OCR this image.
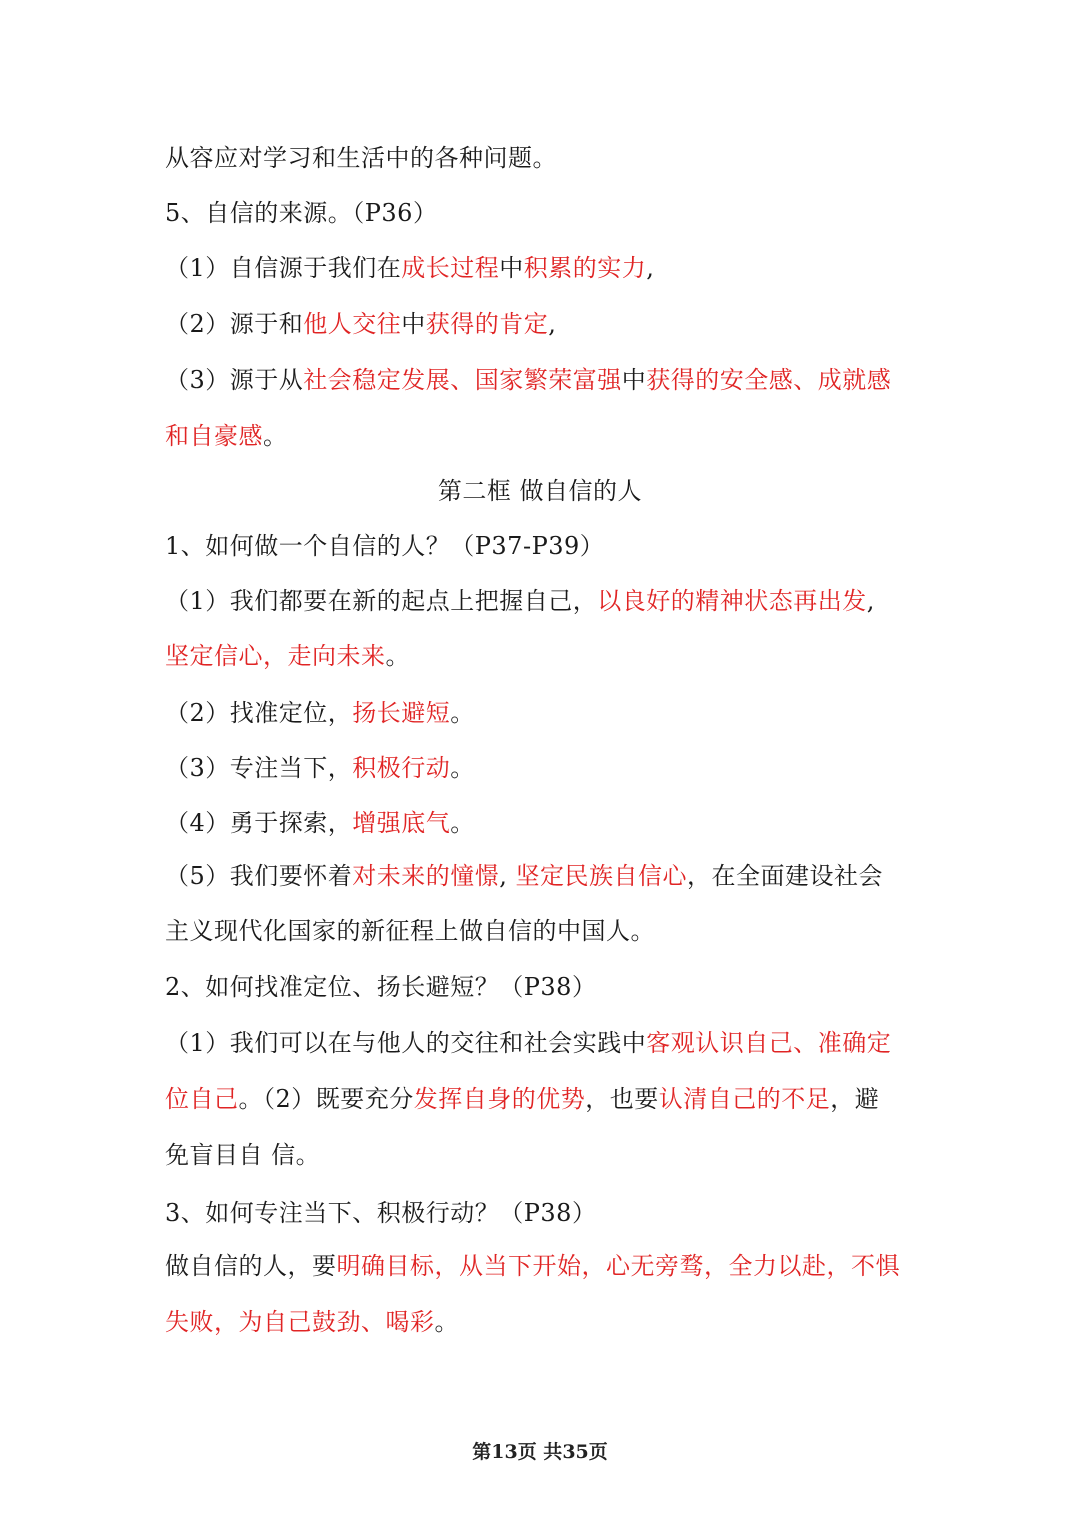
从容应对学习和生活中的各种问题。
5、自信的来源。（P36）
（1）自信源于我们在成长过程中积累的实力,
（2）源于和他人交往中获得的肯定,
（3）源于从社会稳定发展、国家繁荣富强中获得的安全感、成就感
和自豪感。
第二框 做自信的人
1、如何做一个自信的人？（P37-P39）
（1）我们都要在新的起点上把握自己，以良好的精神状态再出发,
坚定信心，走向未来。
（2）找准定位，扬长避短。
（3）专注当下，积极行动。
（4）勇于探索，增强底气。
（5）我们要怀着对未来的憧憬, 坚定民族自信心，在全面建设社会
主义现代化国家的新征程上做自信的中国人。
2、如何找准定位、扬长避短？（P38）
（1）我们可以在与他人的交往和社会实践中客观认识自己、准确定
位自己。（2）既要充分发挥自身的优势，也要认清自己的不足，避
免盲目自 信。
3、如何专注当下、积极行动？（P38）
做自信的人，要明确目标，从当下开始，心无旁骛，全力以赴，不惧
失败，为自己鼓劲、喝彩。
第13页 共35页
